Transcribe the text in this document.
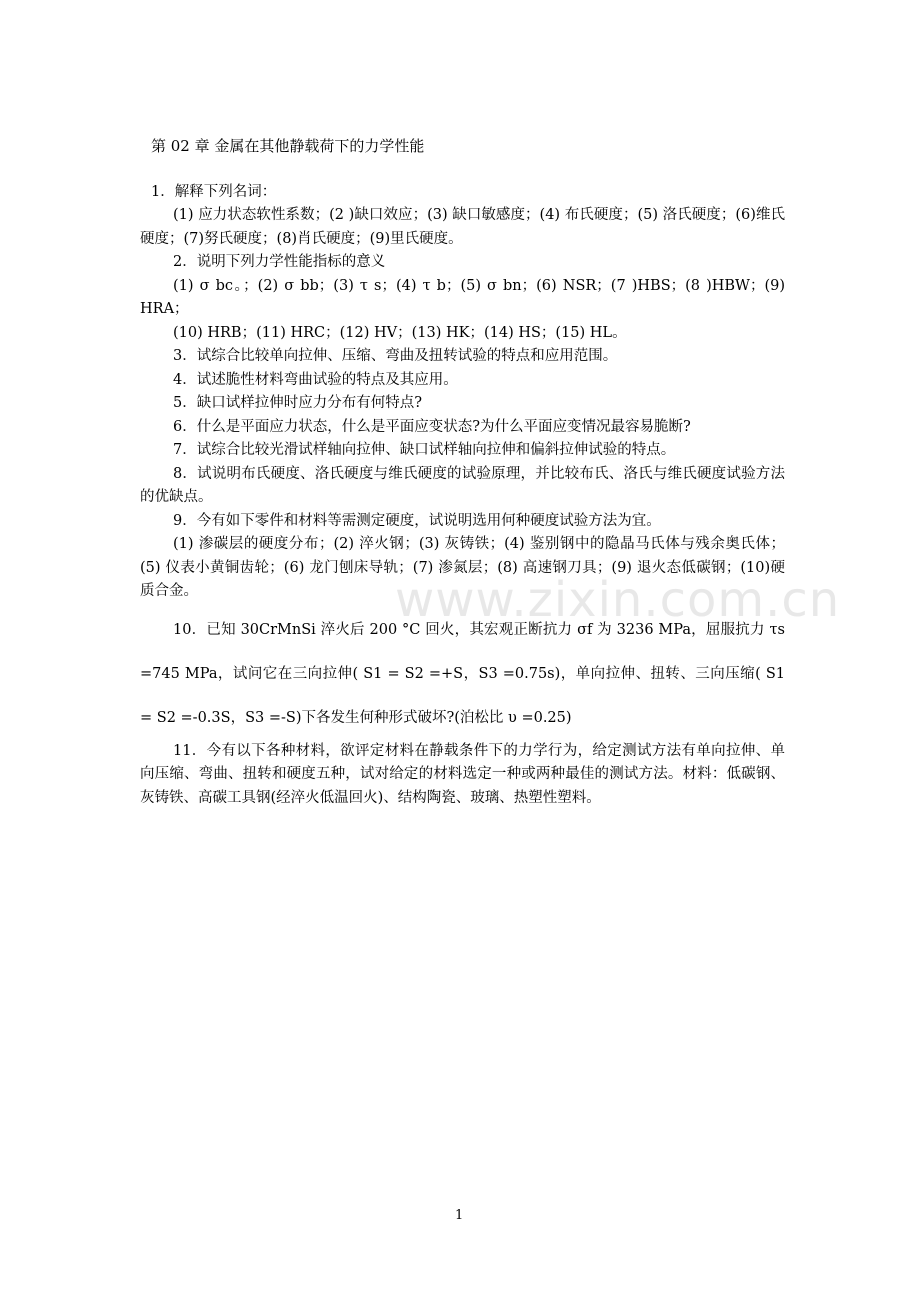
www.zixin.com.cn
第 02 章 金属在其他静载荷下的力学性能

1．解释下列名词：

(1) 应力状态软性系数；(2 )缺口效应；(3) 缺口敏感度；(4) 布氏硬度；(5) 洛氏硬度；(6)维氏硬度；(7)努氏硬度；(8)肖氏硬度；(9)里氏硬度。

2．说明下列力学性能指标的意义

(1) σ bc。；(2) σ bb；(3) τ s；(4) τ b；(5) σ bn；(6) NSR；(7 )HBS；(8 )HBW；(9) HRA；

(10) HRB；(11) HRC；(12) HV；(13) HK；(14) HS；(15) HL。

3．试综合比较单向拉伸、压缩、弯曲及扭转试验的特点和应用范围。

4．试述脆性材料弯曲试验的特点及其应用。

5．缺口试样拉伸时应力分布有何特点?

6．什么是平面应力状态，什么是平面应变状态?为什么平面应变情况最容易脆断?

7．试综合比较光滑试样轴向拉伸、缺口试样轴向拉伸和偏斜拉伸试验的特点。

8．试说明布氏硬度、洛氏硬度与维氏硬度的试验原理，并比较布氏、洛氏与维氏硬度试验方法的优缺点。

9．今有如下零件和材料等需测定硬度，试说明选用何种硬度试验方法为宜。

(1) 渗碳层的硬度分布；(2) 淬火钢；(3) 灰铸铁；(4) 鉴别钢中的隐晶马氏体与残余奥氏体；(5) 仪表小黄铜齿轮；(6) 龙门刨床导轨；(7) 渗氮层；(8) 高速钢刀具；(9) 退火态低碳钢；(10)硬质合金。

10．已知 30CrMnSi 淬火后 200 °C 回火，其宏观正断抗力 σf 为 3236 MPa，屈服抗力 τs =745 MPa，试问它在三向拉伸( S1 = S2 =+S，S3 =0.75s)，单向拉伸、扭转、三向压缩( S1 = S2 =-0.3S，S3 =-S)下各发生何种形式破坏?(泊松比 υ =0.25)

11．今有以下各种材料，欲评定材料在静载条件下的力学行为，给定测试方法有单向拉伸、单向压缩、弯曲、扭转和硬度五种，试对给定的材料选定一种或两种最佳的测试方法。材料：低碳钢、灰铸铁、高碳工具钢(经淬火低温回火)、结构陶瓷、玻璃、热塑性塑料。

1
